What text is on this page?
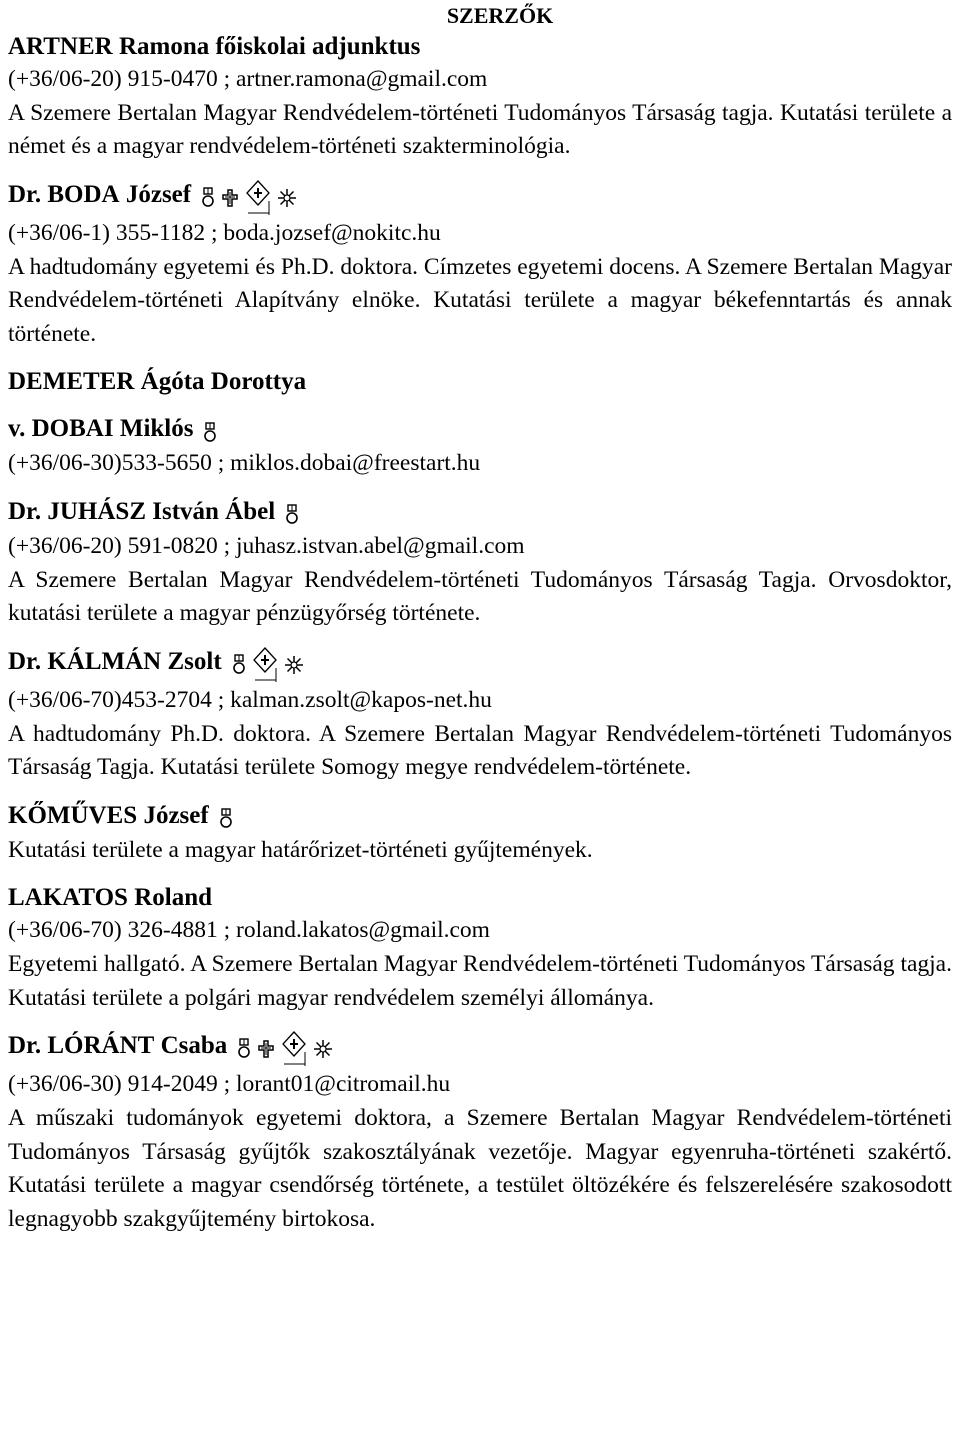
SZERZŐK
ARTNER Ramona főiskolai adjunktus
(+36/06-20) 915-0470 ; artner.ramona@gmail.com

A Szemere Bertalan Magyar Rendvédelem-történeti Tudományos Társaság tagja. Kutatási területe a német és a magyar rendvédelem-történeti szakterminológia.

Dr. BODA József
(+36/06-1) 355-1182 ; boda.jozsef@nokitc.hu

A hadtudomány egyetemi és Ph.D. doktora. Címzetes egyetemi docens. A Szemere Bertalan Magyar Rendvédelem-történeti Alapítvány elnöke. Kutatási területe a magyar békefenntartás és annak története.

DEMETER Ágóta Dorottya
v. DOBAI Miklós
(+36/06-30)533-5650 ; miklos.dobai@freestart.hu
Dr. JUHÁSZ István Ábel
(+36/06-20) 591-0820 ; juhasz.istvan.abel@gmail.com

A Szemere Bertalan Magyar Rendvédelem-történeti Tudományos Társaság Tagja. Orvosdoktor, kutatási területe a magyar pénzügyőrség története.

Dr. KÁLMÁN Zsolt
(+36/06-70)453-2704 ; kalman.zsolt@kapos-net.hu

A hadtudomány Ph.D. doktora. A Szemere Bertalan Magyar Rendvédelem-történeti Tudományos Társaság Tagja. Kutatási területe Somogy megye rendvédelem-története.

KŐMŰVES József

Kutatási területe a magyar határőrizet-történeti gyűjtemények.

LAKATOS Roland
(+36/06-70) 326-4881 ; roland.lakatos@gmail.com

Egyetemi hallgató. A Szemere Bertalan Magyar Rendvédelem-történeti Tudományos Társaság tagja. Kutatási területe a polgári magyar rendvédelem személyi állománya.

Dr. LÓRÁNT Csaba
(+36/06-30) 914-2049 ; lorant01@citromail.hu

A műszaki tudományok egyetemi doktora, a Szemere Bertalan Magyar Rendvédelem-történeti Tudományos Társaság gyűjtők szakosztályának vezetője. Magyar egyenruha-történeti szakértő. Kutatási területe a magyar csendőrség története, a testület öltözékére és felszerelésére szakosodott legnagyobb szakgyűjtemény birtokosa.
